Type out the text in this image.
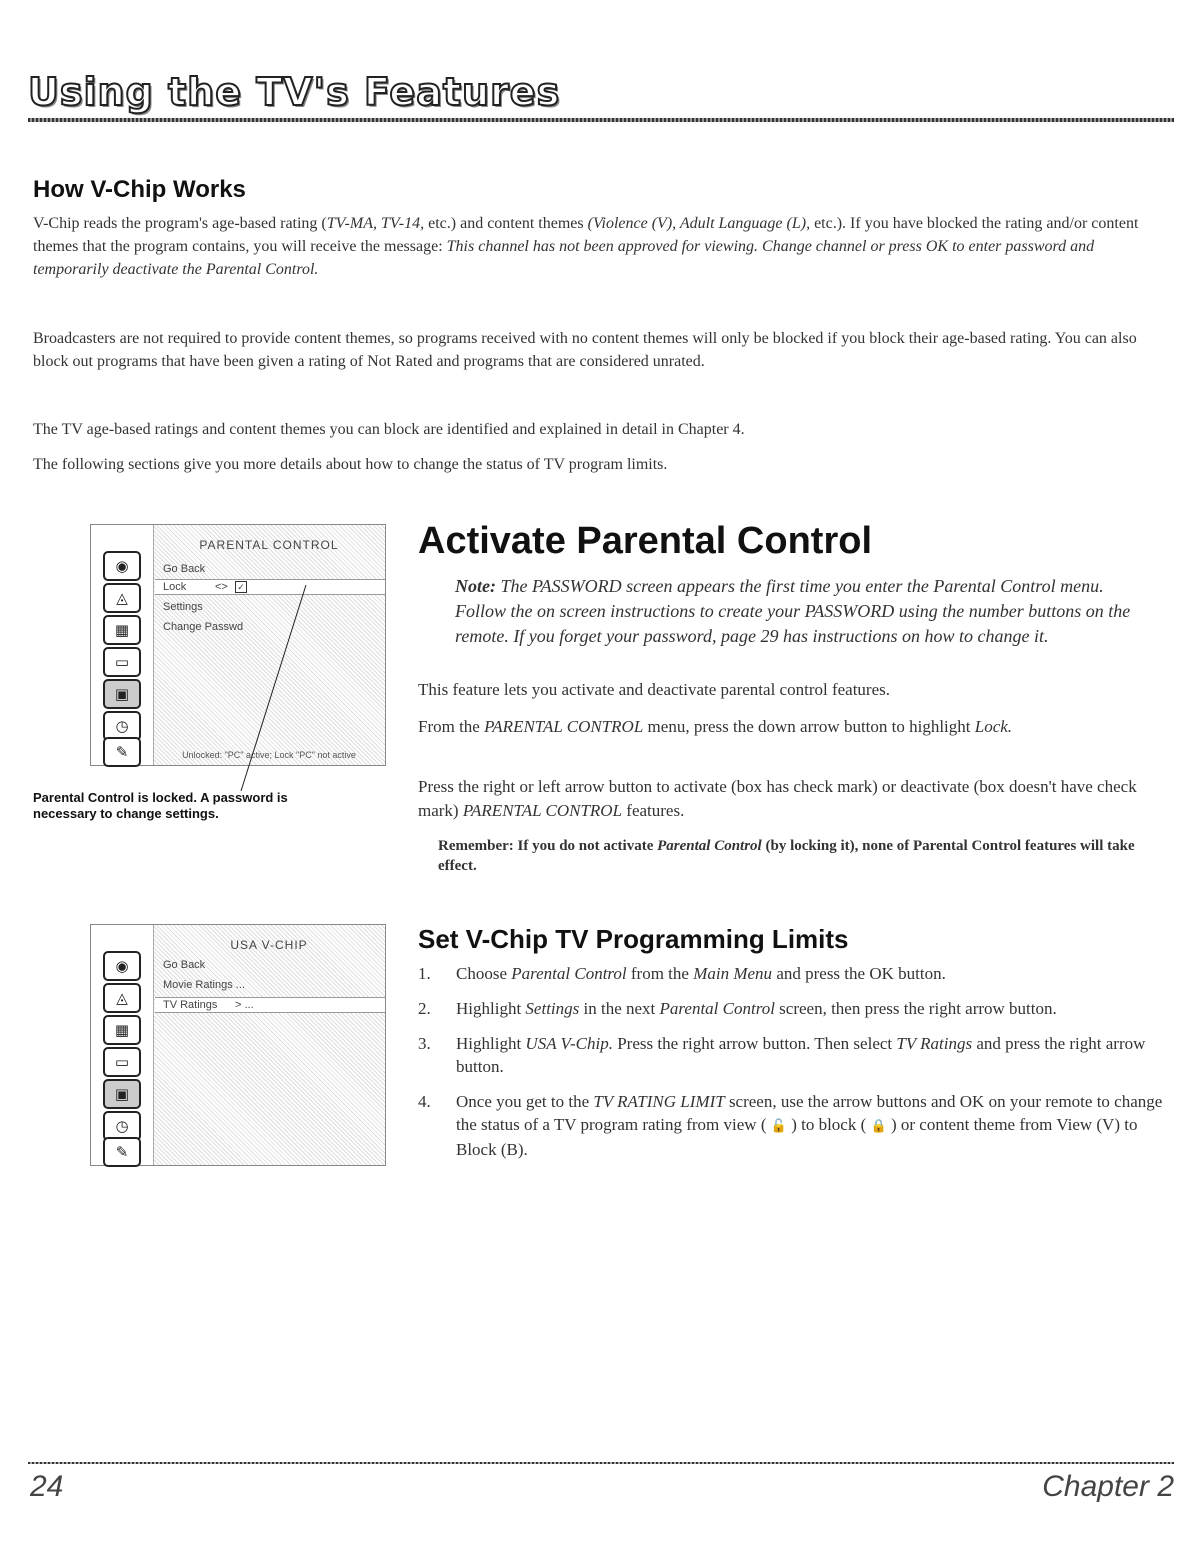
Using the TV's Features
How V-Chip Works

V-Chip reads the program's age-based rating (TV-MA, TV-14, etc.) and content themes (Violence (V), Adult Language (L), etc.). If you have blocked the rating and/or content themes that the program contains, you will receive the message: This channel has not been approved for viewing. Change channel or press OK to enter password and temporarily deactivate the Parental Control.

Broadcasters are not required to provide content themes, so programs received with no content themes will only be blocked if you block their age-based rating. You can also block out programs that have been given a rating of Not Rated and programs that are considered unrated.

The TV age-based ratings and content themes you can block are identified and explained in detail in Chapter 4.

The following sections give you more details about how to change the status of TV program limits.

◉
◬
▦
▭
▣
◷
✎
PARENTAL CONTROL
Go Back
Lock	<> ✓
Settings
Change Passwd
Unlocked: "PC" active; Lock "PC" not active
Parental Control is locked. A password is necessary to change settings.
Activate Parental Control

Note: The PASSWORD screen appears the first time you enter the Parental Control menu. Follow the on screen instructions to create your PASSWORD using the number buttons on the remote. If you forget your password, page 29 has instructions on how to change it.

This feature lets you activate and deactivate parental control features.

From the PARENTAL CONTROL menu, press the down arrow button to highlight Lock.

Press the right or left arrow button to activate (box has check mark) or deactivate (box doesn't have check mark) PARENTAL CONTROL features.

Remember: If you do not activate Parental Control (by locking it), none of Parental Control features will take effect.

◉
◬
▦
▭
▣
◷
✎
USA V-CHIP
Go Back
Movie Ratings ...
TV Ratings > ...
Set V-Chip TV Programming Limits
1. Choose Parental Control from the Main Menu and press the OK button.
2. Highlight Settings in the next Parental Control screen, then press the right arrow button.
3. Highlight USA V-Chip. Press the right arrow button. Then select TV Ratings and press the right arrow button.
4. Once you get to the TV RATING LIMIT screen, use the arrow buttons and OK on your remote to change the status of a TV program rating from view ( 🔓 ) to block ( 🔒 ) or content theme from View (V) to Block (B).
24	Chapter 2
